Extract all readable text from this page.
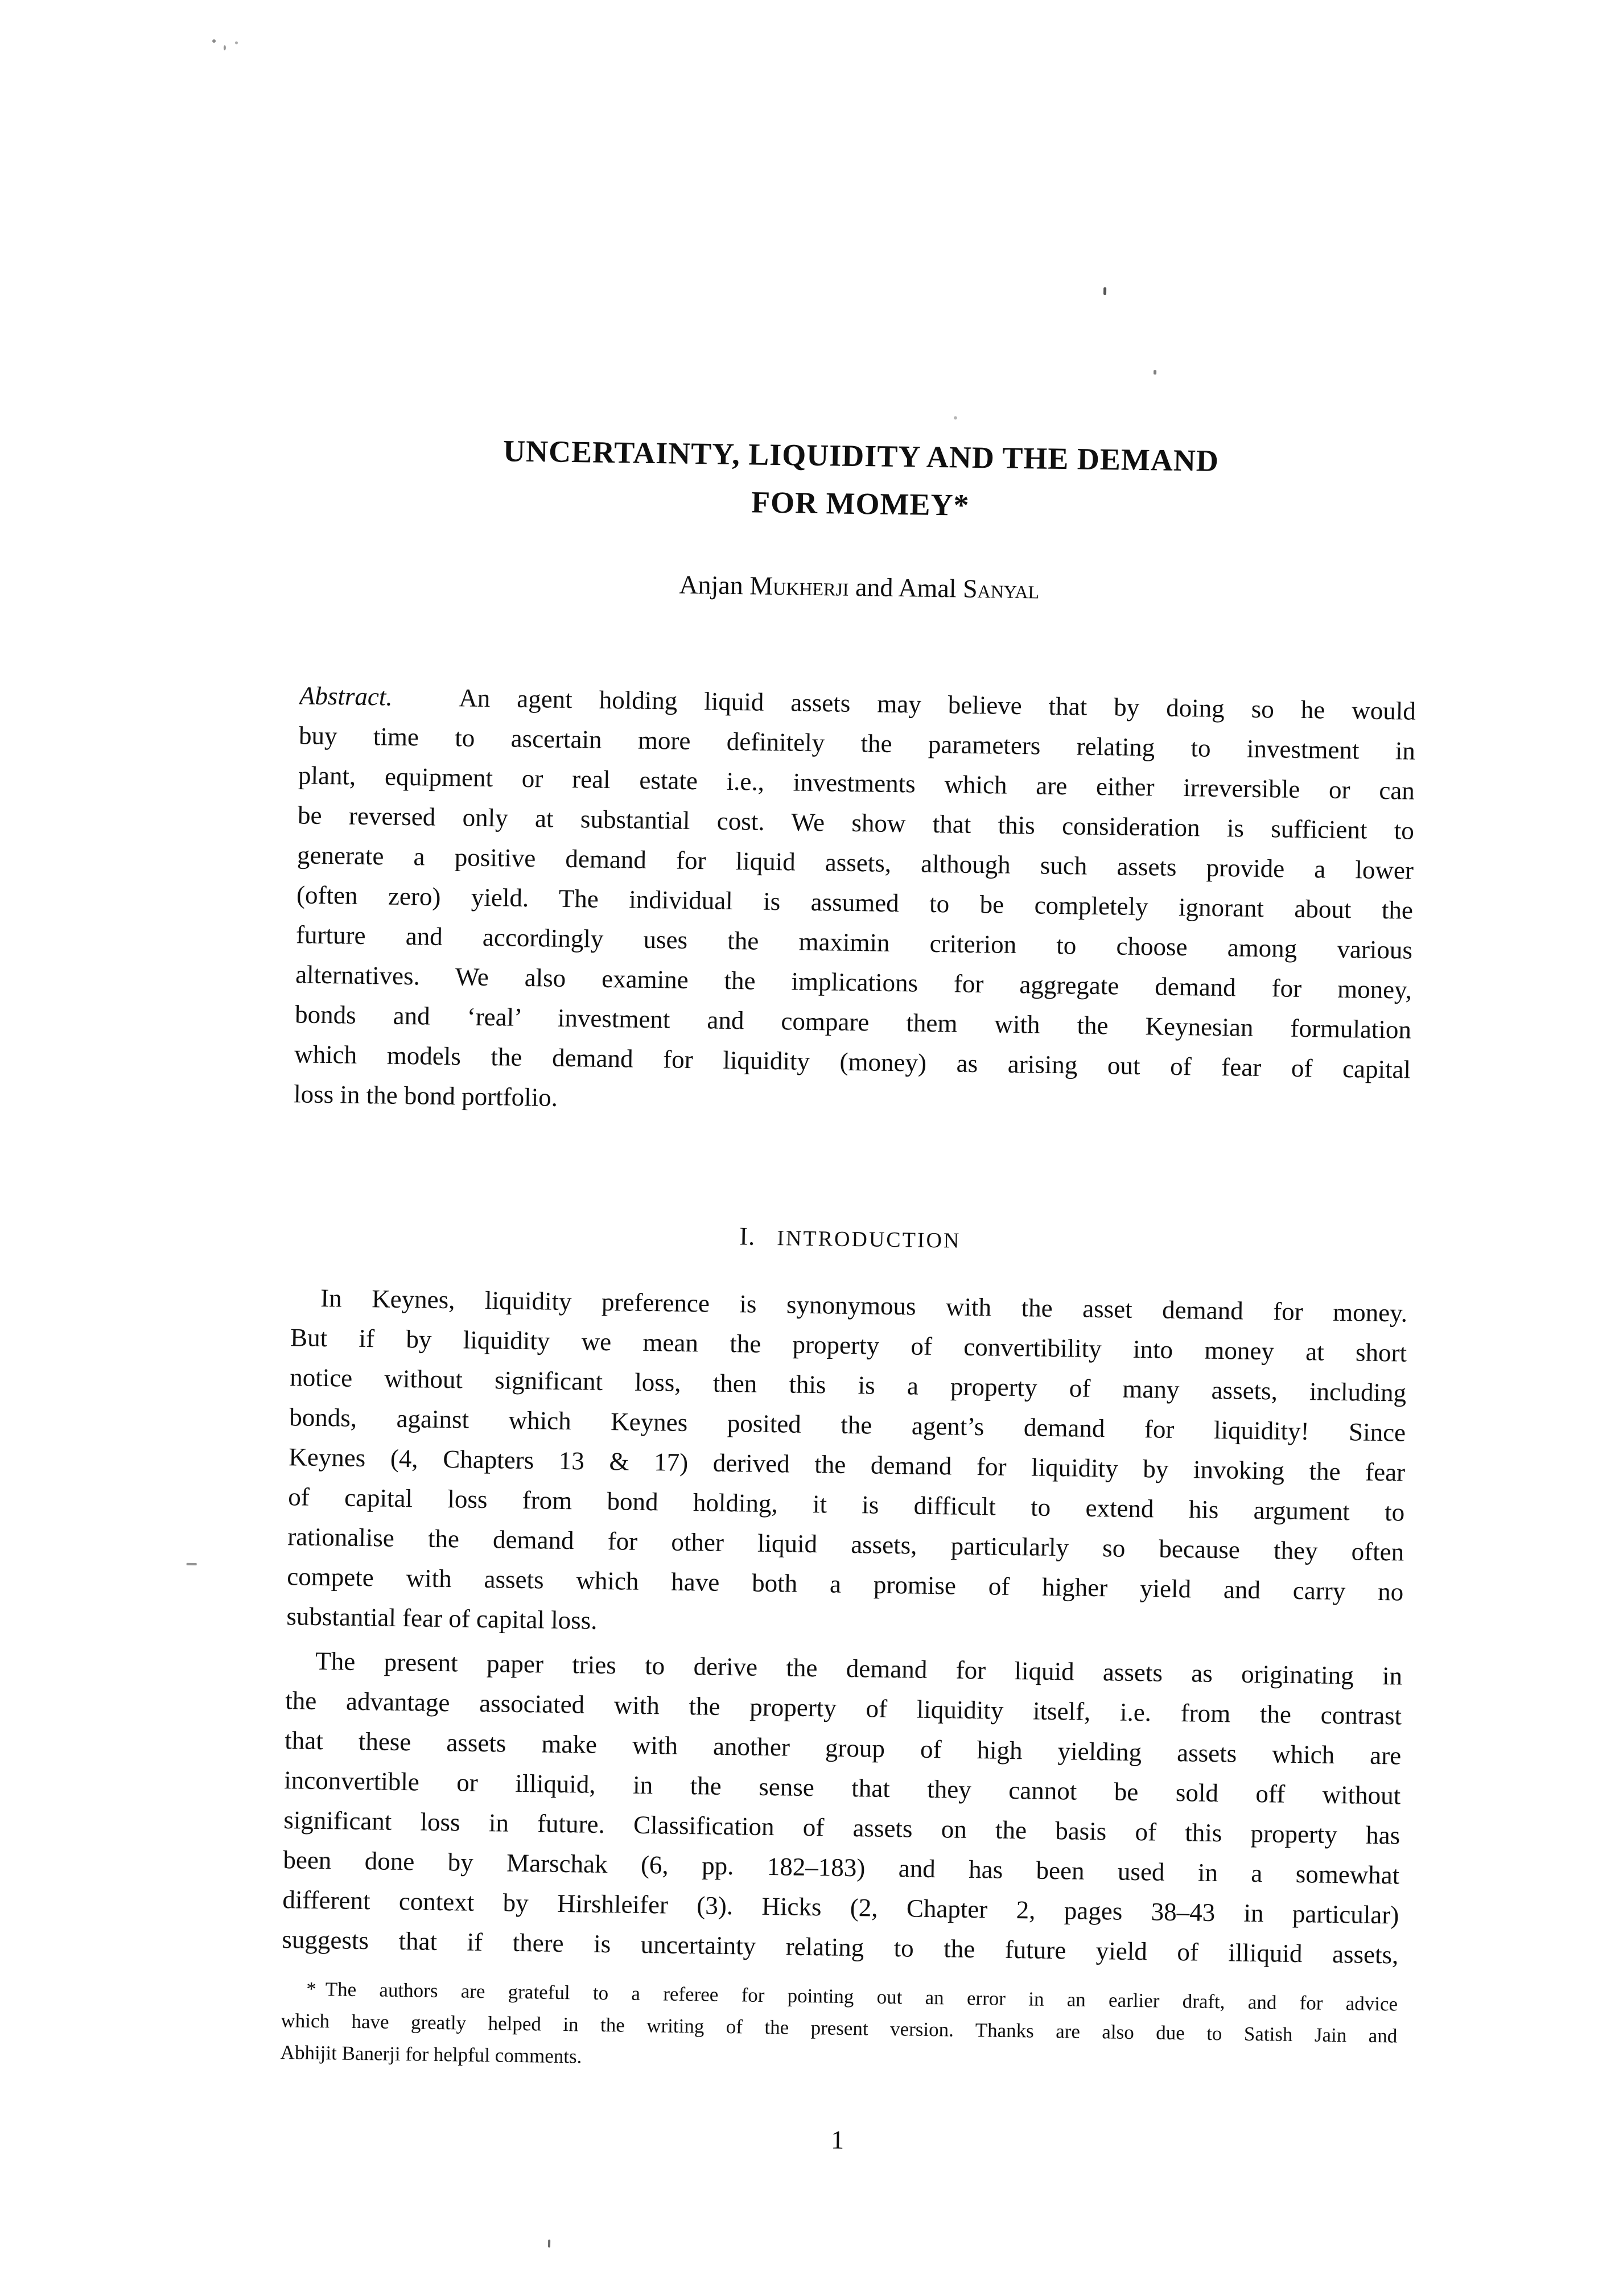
UNCERTAINTY, LIQUIDITY AND THE DEMAND
FOR MOMEY*
Anjan Mukherji and Amal Sanyal
Abstract.	An agent holding liquid assets may believe that by doing so he would
buy time to ascertain more definitely the parameters relating to investment in
plant, equipment or real estate i.e., investments which are either irreversible or can
be reversed only at substantial cost. We show that this consideration is sufficient to
generate a positive demand for liquid assets, although such assets provide a lower
(often zero) yield. The individual is assumed to be completely ignorant about the
furture and accordingly uses the maximin criterion to choose among various
alternatives. We also examine the implications for aggregate demand for money,
bonds and ‘real’ investment and compare them with the Keynesian formulation
which models the demand for liquidity (money) as arising out of fear of capital
loss in the bond portfolio.
I. INTRODUCTION
In Keynes, liquidity preference is synonymous with the asset demand for money.
But if by liquidity we mean the property of convertibility into money at short
notice without significant loss, then this is a property of many assets, including
bonds, against which Keynes posited the agent’s demand for liquidity! Since
Keynes (4, Chapters 13 & 17) derived the demand for liquidity by invoking the fear
of capital loss from bond holding, it is difficult to extend his argument to
rationalise the demand for other liquid assets, particularly so because they often
compete with assets which have both a promise of higher yield and carry no
substantial fear of capital loss.
The present paper tries to derive the demand for liquid assets as originating in
the advantage associated with the property of liquidity itself, i.e. from the contrast
that these assets make with another group of high yielding assets which are
inconvertible or illiquid, in the sense that they cannot be sold off without
significant loss in future. Classification of assets on the basis of this property has
been done by Marschak (6, pp. 182–183) and has been used in a somewhat
different context by Hirshleifer (3). Hicks (2, Chapter 2, pages 38–43 in particular)
suggests that if there is uncertainty relating to the future yield of illiquid assets,
* The authors are grateful to a referee for pointing out an error in an earlier draft, and for advice
which have greatly helped in the writing of the present version. Thanks are also due to Satish Jain and
Abhijit Banerji for helpful comments.
1
